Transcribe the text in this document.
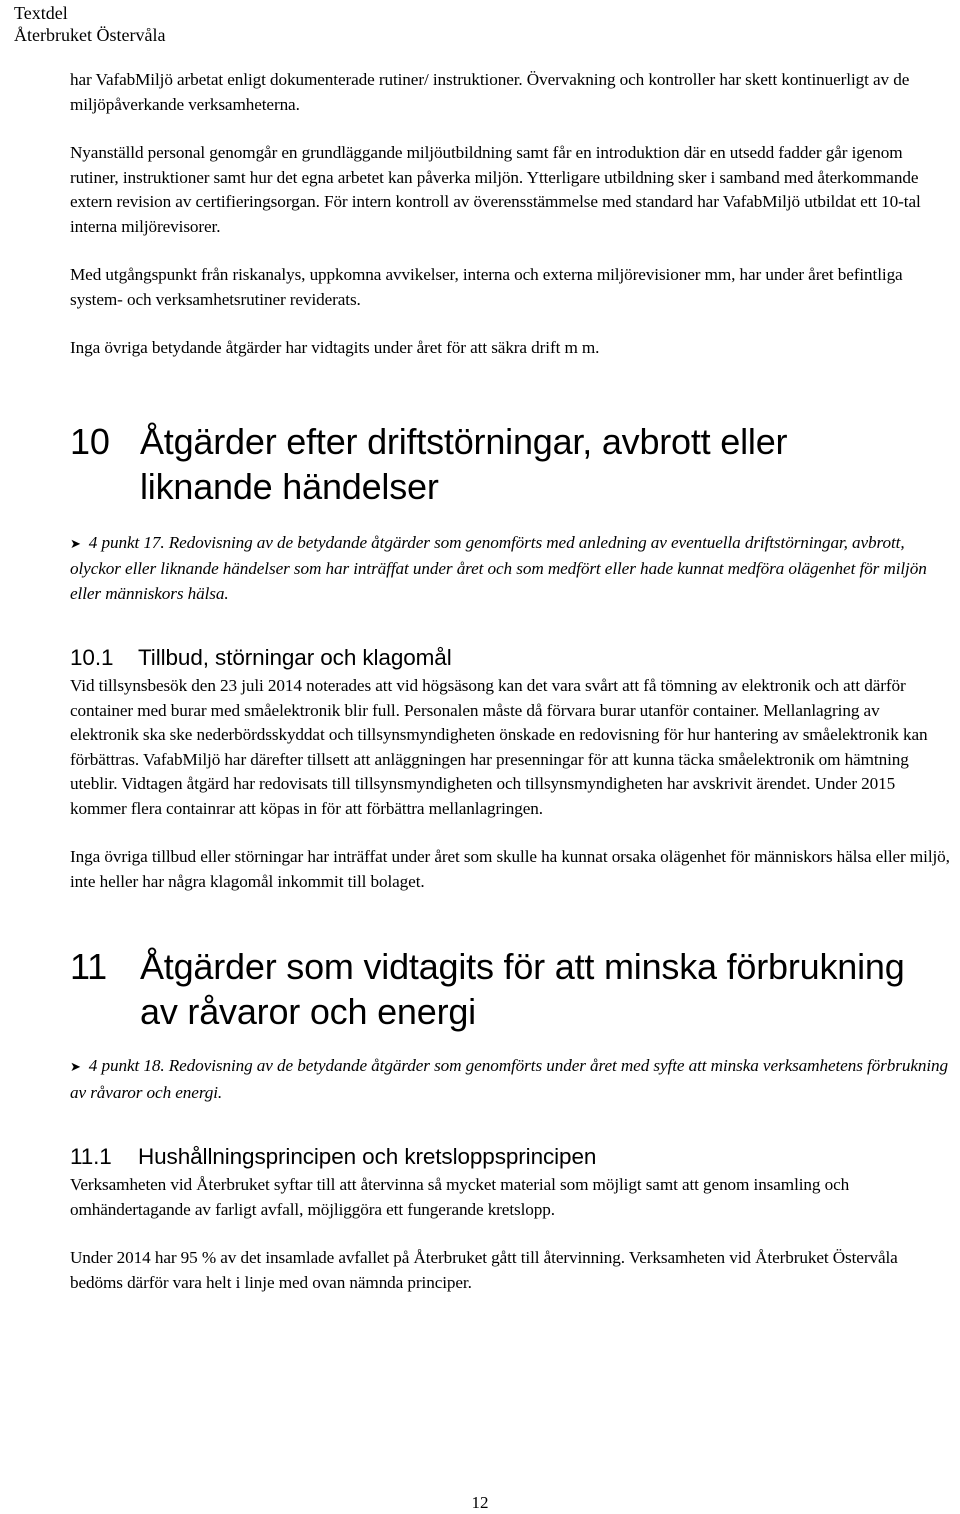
Textdel
Återbruket Östervåla

har VafabMiljö arbetat enligt dokumenterade rutiner/ instruktioner. Övervakning och kontroller har skett kontinuerligt av de miljöpåverkande verksamheterna.

Nyanställd personal genomgår en grundläggande miljöutbildning samt får en introduktion där en utsedd fadder går igenom rutiner, instruktioner samt hur det egna arbetet kan påverka miljön. Ytterligare utbildning sker i samband med återkommande extern revision av certifieringsorgan. För intern kontroll av överensstämmelse med standard har VafabMiljö utbildat ett 10-tal interna miljörevisorer.

Med utgångspunkt från riskanalys, uppkomna avvikelser, interna och externa miljörevisioner mm, har under året befintliga system- och verksamhetsrutiner reviderats.

Inga övriga betydande åtgärder har vidtagits under året för att säkra drift m m.

10 Åtgärder efter driftstörningar, avbrott eller liknande händelser

➤ 4 punkt 17. Redovisning av de betydande åtgärder som genomförts med anledning av eventuella driftstörningar, avbrott, olyckor eller liknande händelser som har inträffat under året och som medfört eller hade kunnat medföra olägenhet för miljön eller människors hälsa.

10.1	Tillbud, störningar och klagomål

Vid tillsynsbesök den 23 juli 2014 noterades att vid högsäsong kan det vara svårt att få tömning av elektronik och att därför container med burar med småelektronik blir full. Personalen måste då förvara burar utanför container. Mellanlagring av elektronik ska ske nederbördsskyddat och tillsynsmyndigheten önskade en redovisning för hur hantering av småelektronik kan förbättras. VafabMiljö har därefter tillsett att anläggningen har presenningar för att kunna täcka småelektronik om hämtning uteblir. Vidtagen åtgärd har redovisats till tillsynsmyndigheten och tillsynsmyndigheten har avskrivit ärendet. Under 2015 kommer flera containrar att köpas in för att förbättra mellanlagringen.

Inga övriga tillbud eller störningar har inträffat under året som skulle ha kunnat orsaka olägenhet för människors hälsa eller miljö, inte heller har några klagomål inkommit till bolaget.

11 Åtgärder som vidtagits för att minska förbrukning av råvaror och energi

➤ 4 punkt 18. Redovisning av de betydande åtgärder som genomförts under året med syfte att minska verksamhetens förbrukning av råvaror och energi.

11.1	Hushållningsprincipen och kretsloppsprincipen

Verksamheten vid Återbruket syftar till att återvinna så mycket material som möjligt samt att genom insamling och omhändertagande av farligt avfall, möjliggöra ett fungerande kretslopp.

Under 2014 har 95 % av det insamlade avfallet på Återbruket gått till återvinning. Verksamheten vid Återbruket Östervåla bedöms därför vara helt i linje med ovan nämnda principer.

12
